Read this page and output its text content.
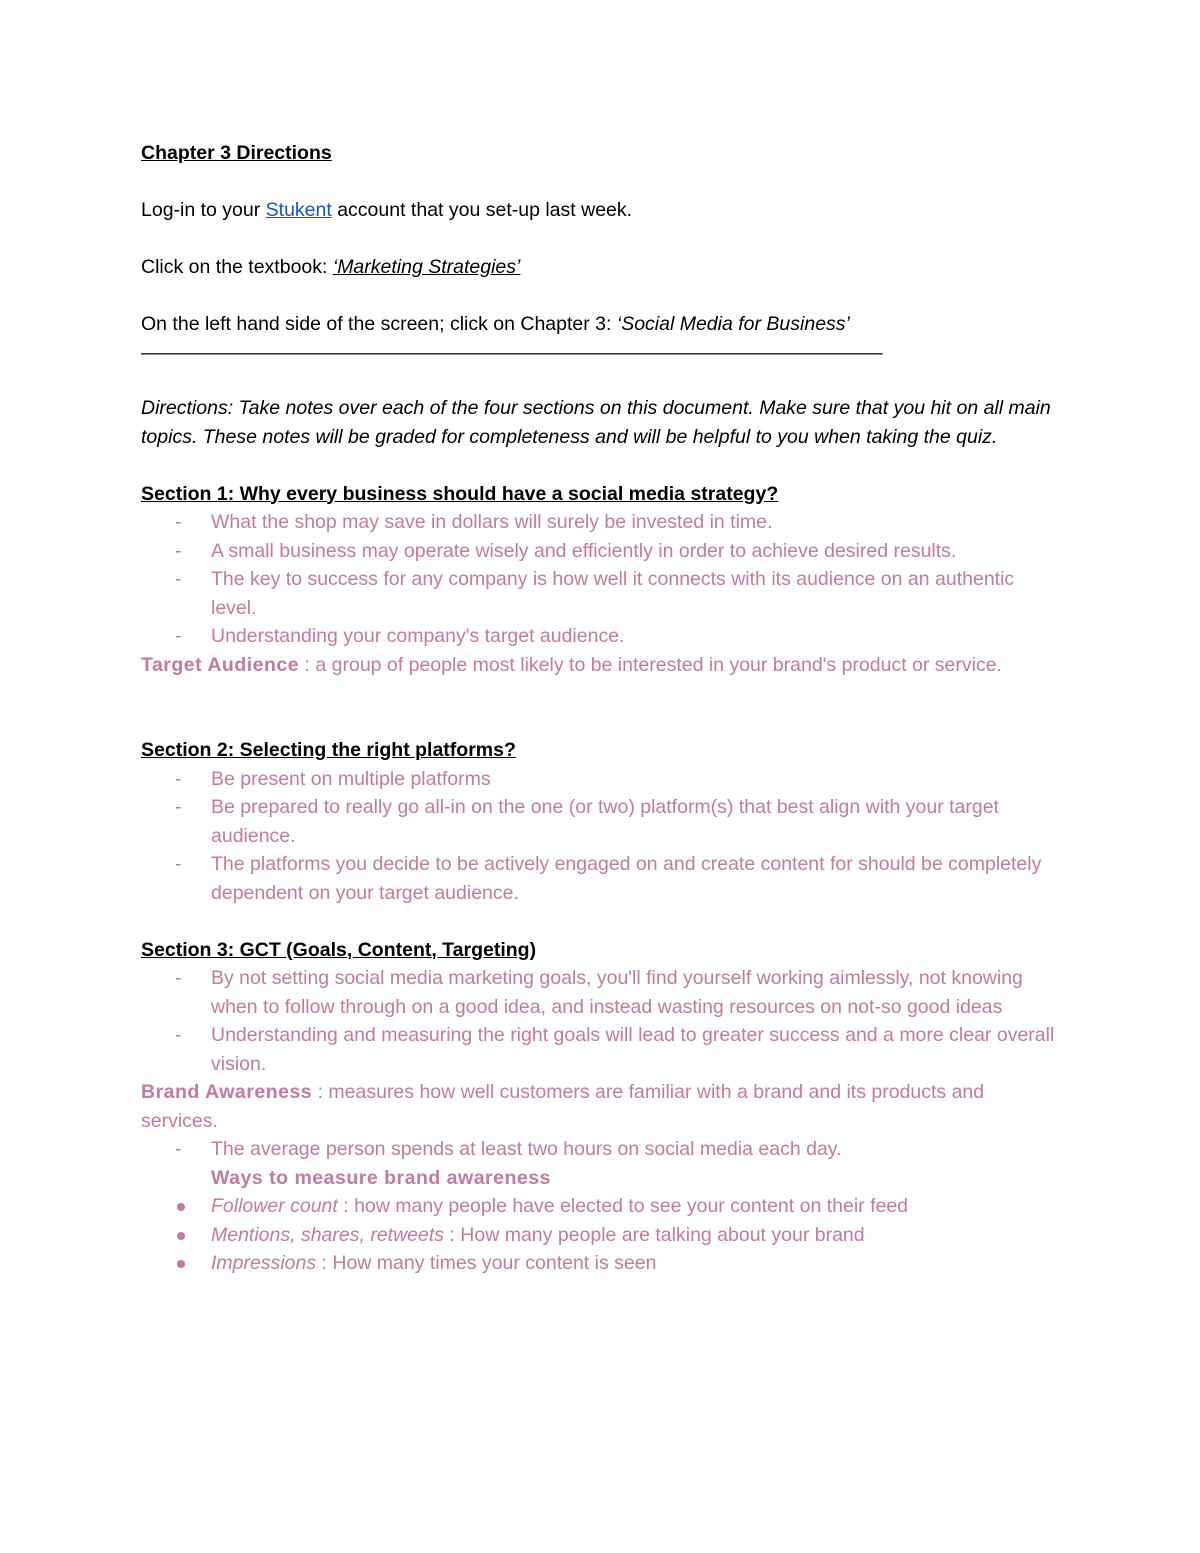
Chapter 3 Directions

Log-in to your Stukent account that you set-up last week.

Click on the textbook: ‘Marketing Strategies’

On the left hand side of the screen; click on Chapter 3: ‘Social Media for Business’

———————————————————————————————————————

Directions: Take notes over each of the four sections on this document. Make sure that you hit on all main topics. These notes will be graded for completeness and will be helpful to you when taking the quiz.

Section 1: Why every business should have a social media strategy?

- What the shop may save in dollars will surely be invested in time.
- A small business may operate wisely and efficiently in order to achieve desired results.
- The key to success for any company is how well it connects with its audience on an authentic level.
- Understanding your company's target audience.

Target Audience : a group of people most likely to be interested in your brand's product or service.

Section 2: Selecting the right platforms?

- Be present on multiple platforms
- Be prepared to really go all-in on the one (or two) platform(s) that best align with your target audience.
- The platforms you decide to be actively engaged on and create content for should be completely dependent on your target audience.

Section 3: GCT (Goals, Content, Targeting)

- By not setting social media marketing goals, you'll find yourself working aimlessly, not knowing when to follow through on a good idea, and instead wasting resources on not-so good ideas
- Understanding and measuring the right goals will lead to greater success and a more clear overall vision.

Brand Awareness : measures how well customers are familiar with a brand and its products and services.

- The average person spends at least two hours on social media each day.

Ways to measure brand awareness

Follower count : how many people have elected to see your content on their feed
Mentions, shares, retweets : How many people are talking about your brand
Impressions : How many times your content is seen
